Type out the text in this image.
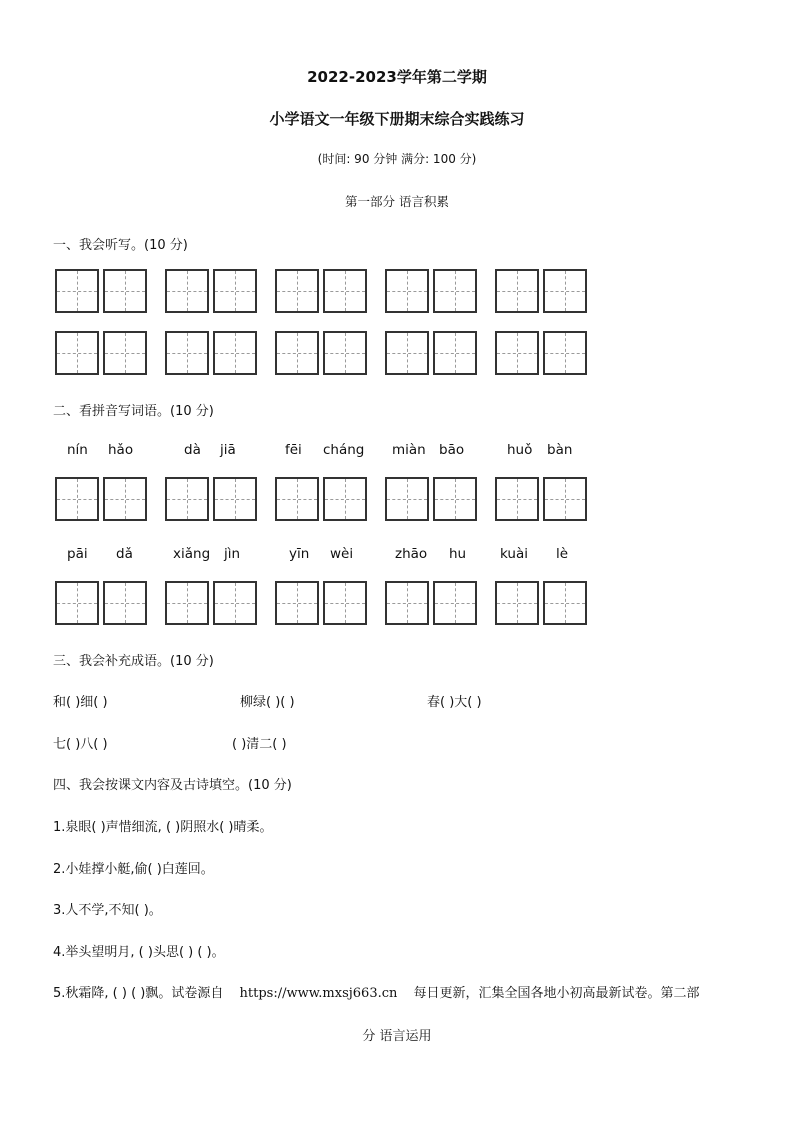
2022-2023学年第二学期
小学语文一年级下册期末综合实践练习
(时间: 90 分钟 满分: 100 分)
第一部分 语言积累
一、我会听写。(10 分)
二、看拼音写词语。(10 分)
nín hǎo	dà jiā	fēi cháng miàn bāo	huǒ bàn
pāi dǎ	xiǎng jìn	yīn wèi	zhāo hu	kuài lè
三、我会补充成语。(10 分)
和( )细( )	柳绿( )( )	春( )大( )
七( )八( )	( )清二( )
四、我会按课文内容及古诗填空。(10 分)
1.泉眼( )声惜细流, ( )阴照水( )晴柔。
2.小娃撑小艇,偷( )白莲回。
3.人不学,不知( )。
4.举头望明月, ( )头思( ) ( )。
5.秋霜降, ( ) ( )飘。试卷源自 https://www.mxsj663.cn 每日更新，汇集全国各地小初高最新试卷。第二部
分 语言运用
